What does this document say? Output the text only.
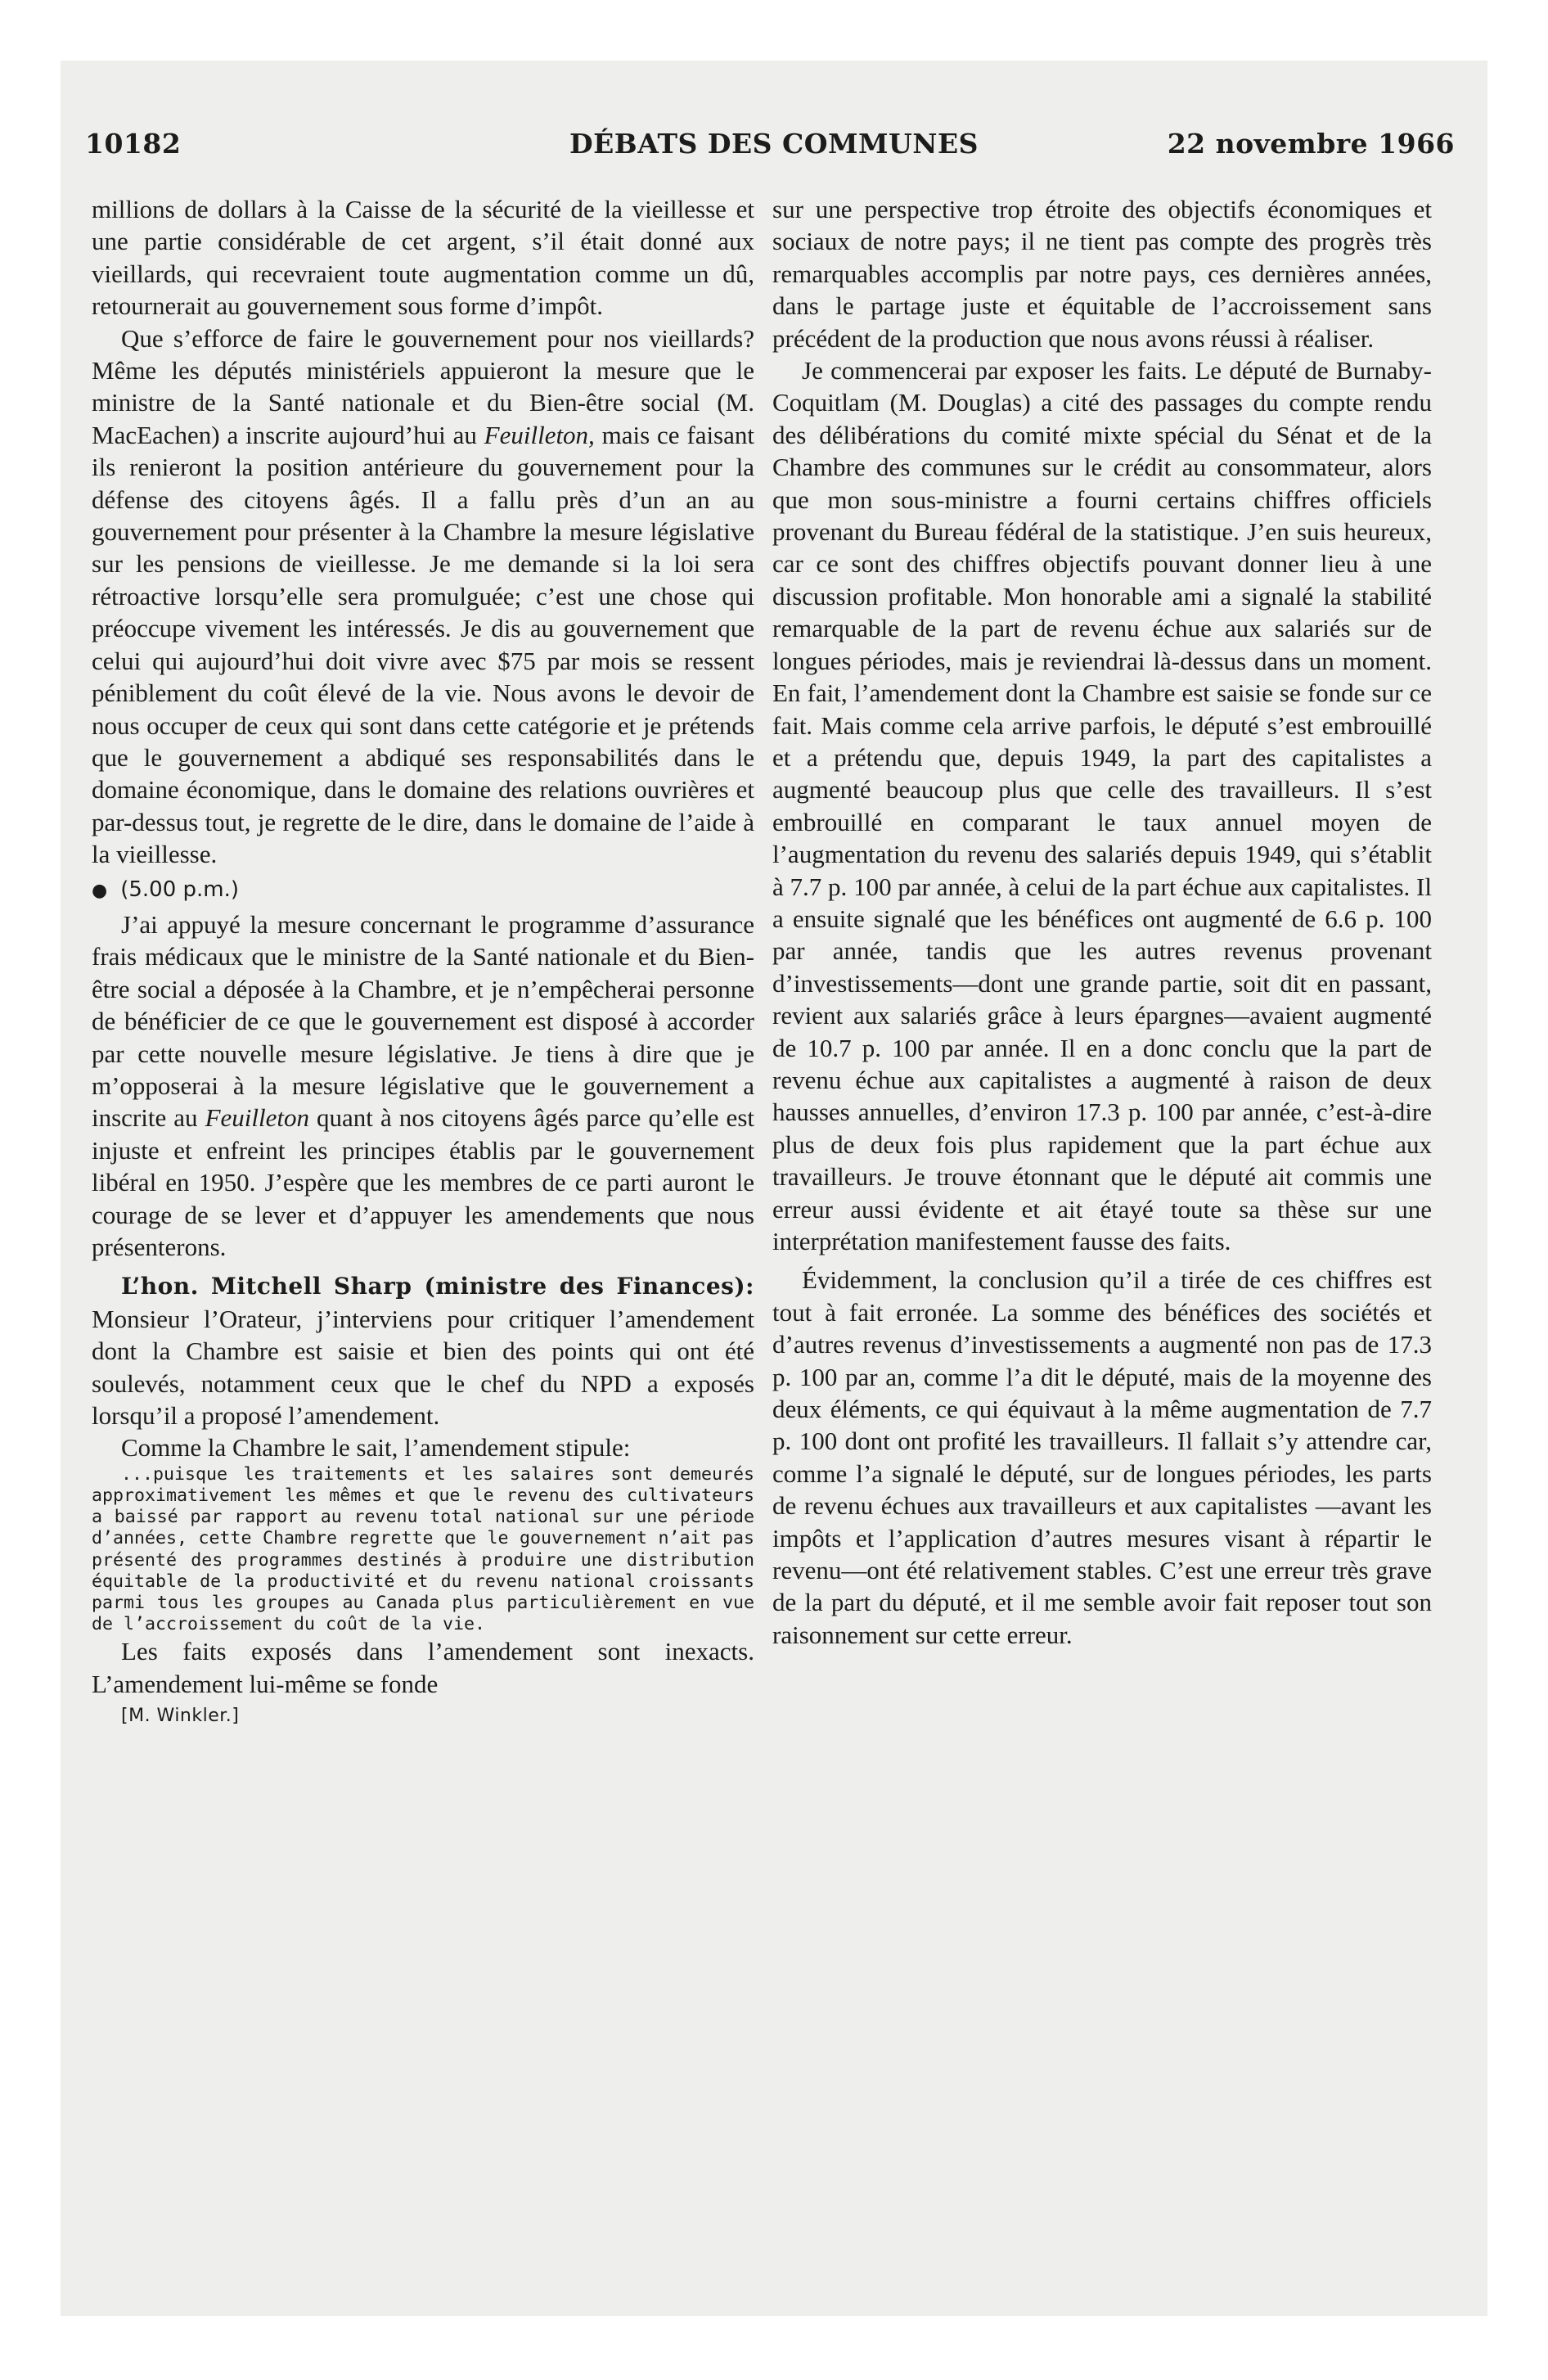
10182	DÉBATS DES COMMUNES	22 novembre 1966

millions de dollars à la Caisse de la sécurité de la vieillesse et une partie considérable de cet argent, s’il était donné aux vieillards, qui recevraient toute augmentation comme un dû, retournerait au gouvernement sous forme d’impôt.

Que s’efforce de faire le gouvernement pour nos vieillards? Même les députés ministériels appuieront la mesure que le ministre de la Santé nationale et du Bien-être social (M. MacEachen) a inscrite aujourd’hui au Feuilleton, mais ce faisant ils renieront la position antérieure du gouvernement pour la défense des citoyens âgés. Il a fallu près d’un an au gouvernement pour présenter à la Chambre la mesure législative sur les pensions de vieillesse. Je me demande si la loi sera rétroactive lorsqu’elle sera promulguée; c’est une chose qui préoccupe vivement les intéressés. Je dis au gouvernement que celui qui aujourd’hui doit vivre avec $75 par mois se ressent péniblement du coût élevé de la vie. Nous avons le devoir de nous occuper de ceux qui sont dans cette catégorie et je prétends que le gouvernement a abdiqué ses responsabilités dans le domaine économique, dans le domaine des relations ouvrières et par-dessus tout, je regrette de le dire, dans le domaine de l’aide à la vieillesse.

● (5.00 p.m.)

J’ai appuyé la mesure concernant le programme d’assurance frais médicaux que le ministre de la Santé nationale et du Bien-être social a déposée à la Chambre, et je n’empêcherai personne de bénéficier de ce que le gouvernement est disposé à accorder par cette nouvelle mesure législative. Je tiens à dire que je m’opposerai à la mesure législative que le gouvernement a inscrite au Feuilleton quant à nos citoyens âgés parce qu’elle est injuste et enfreint les principes établis par le gouvernement libéral en 1950. J’espère que les membres de ce parti auront le courage de se lever et d’appuyer les amendements que nous présenterons.

L’hon. Mitchell Sharp (ministre des Finances): Monsieur l’Orateur, j’interviens pour critiquer l’amendement dont la Chambre est saisie et bien des points qui ont été soulevés, notamment ceux que le chef du NPD a exposés lorsqu’il a proposé l’amendement.

Comme la Chambre le sait, l’amendement stipule:

...puisque les traitements et les salaires sont demeurés approximativement les mêmes et que le revenu des cultivateurs a baissé par rapport au revenu total national sur une période d’années, cette Chambre regrette que le gouvernement n’ait pas présenté des programmes destinés à produire une distribution équitable de la productivité et du revenu national croissants parmi tous les groupes au Canada plus particulièrement en vue de l’accroissement du coût de la vie.

Les faits exposés dans l’amendement sont inexacts. L’amendement lui-même se fonde

[M. Winkler.]

sur une perspective trop étroite des objectifs économiques et sociaux de notre pays; il ne tient pas compte des progrès très remarquables accomplis par notre pays, ces dernières années, dans le partage juste et équitable de l’accroissement sans précédent de la production que nous avons réussi à réaliser.

Je commencerai par exposer les faits. Le député de Burnaby-Coquitlam (M. Douglas) a cité des passages du compte rendu des délibérations du comité mixte spécial du Sénat et de la Chambre des communes sur le crédit au consommateur, alors que mon sous-ministre a fourni certains chiffres officiels provenant du Bureau fédéral de la statistique. J’en suis heureux, car ce sont des chiffres objectifs pouvant donner lieu à une discussion profitable. Mon honorable ami a signalé la stabilité remarquable de la part de revenu échue aux salariés sur de longues périodes, mais je reviendrai là-dessus dans un moment. En fait, l’amendement dont la Chambre est saisie se fonde sur ce fait. Mais comme cela arrive parfois, le député s’est embrouillé et a prétendu que, depuis 1949, la part des capitalistes a augmenté beaucoup plus que celle des travailleurs. Il s’est embrouillé en comparant le taux annuel moyen de l’augmentation du revenu des salariés depuis 1949, qui s’établit à 7.7 p. 100 par année, à celui de la part échue aux capitalistes. Il a ensuite signalé que les bénéfices ont augmenté de 6.6 p. 100 par année, tandis que les autres revenus provenant d’investissements—dont une grande partie, soit dit en passant, revient aux salariés grâce à leurs épargnes—avaient augmenté de 10.7 p. 100 par année. Il en a donc conclu que la part de revenu échue aux capitalistes a augmenté à raison de deux hausses annuelles, d’environ 17.3 p. 100 par année, c’est-à-dire plus de deux fois plus rapidement que la part échue aux travailleurs. Je trouve étonnant que le député ait commis une erreur aussi évidente et ait étayé toute sa thèse sur une interprétation manifestement fausse des faits.

Évidemment, la conclusion qu’il a tirée de ces chiffres est tout à fait erronée. La somme des bénéfices des sociétés et d’autres revenus d’investissements a augmenté non pas de 17.3 p. 100 par an, comme l’a dit le député, mais de la moyenne des deux éléments, ce qui équivaut à la même augmentation de 7.7 p. 100 dont ont profité les travailleurs. Il fallait s’y attendre car, comme l’a signalé le député, sur de longues périodes, les parts de revenu échues aux travailleurs et aux capitalistes —avant les impôts et l’application d’autres mesures visant à répartir le revenu—ont été relativement stables. C’est une erreur très grave de la part du député, et il me semble avoir fait reposer tout son raisonnement sur cette erreur.
